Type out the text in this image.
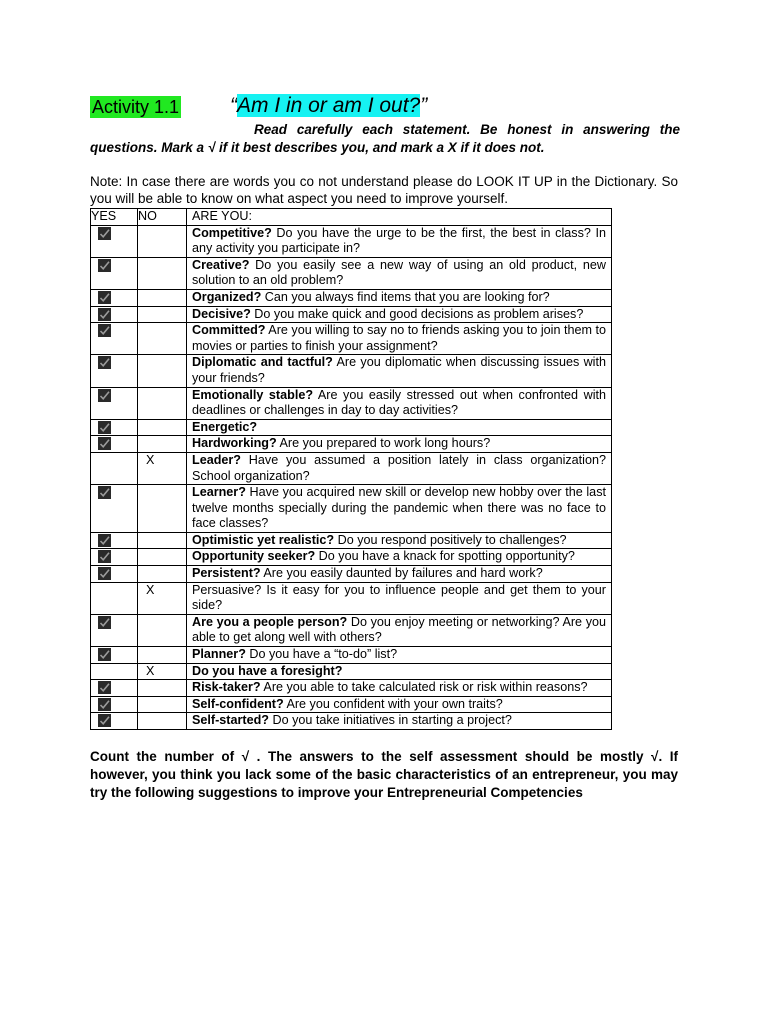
Activity 1.1 “Am I in or am I out?”
Read carefully each statement. Be honest in answering the questions. Mark a √ if it best describes you, and mark a X if it does not.
Note: In case there are words you co not understand please do LOOK IT UP in the Dictionary. So you will be able to know on what aspect you need to improve yourself.
YES	NO	ARE YOU:

		Competitive? Do you have the urge to be the first, the best in class? In any activity you participate in?

		Creative? Do you easily see a new way of using an old product, new solution to an old problem?

		Organized? Can you always find items that you are looking for?

		Decisive? Do you make quick and good decisions as problem arises?

		Committed? Are you willing to say no to friends asking you to join them to movies or parties to finish your assignment?

		Diplomatic and tactful? Are you diplomatic when discussing issues with your friends?

		Emotionally stable? Are you easily stressed out when confronted with deadlines or challenges in day to day activities?

		Energetic?

		Hardworking? Are you prepared to work long hours?
	X	Leader? Have you assumed a position lately in class organization? School organization?

		Learner? Have you acquired new skill or develop new hobby over the last twelve months specially during the pandemic when there was no face to face classes?

		Optimistic yet realistic? Do you respond positively to challenges?

		Opportunity seeker? Do you have a knack for spotting opportunity?

		Persistent? Are you easily daunted by failures and hard work?
	X	Persuasive? Is it easy for you to influence people and get them to your side?

		Are you a people person? Do you enjoy meeting or networking? Are you able to get along well with others?

		Planner? Do you have a “to-do” list?
	X	Do you have a foresight?

		Risk-taker? Are you able to take calculated risk or risk within reasons?

		Self-confident? Are you confident with your own traits?

		Self-started? Do you take initiatives in starting a project?
Count the number of √ . The answers to the self assessment should be mostly √. If however, you think you lack some of the basic characteristics of an entrepreneur, you may try the following suggestions to improve your Entrepreneurial Competencies
